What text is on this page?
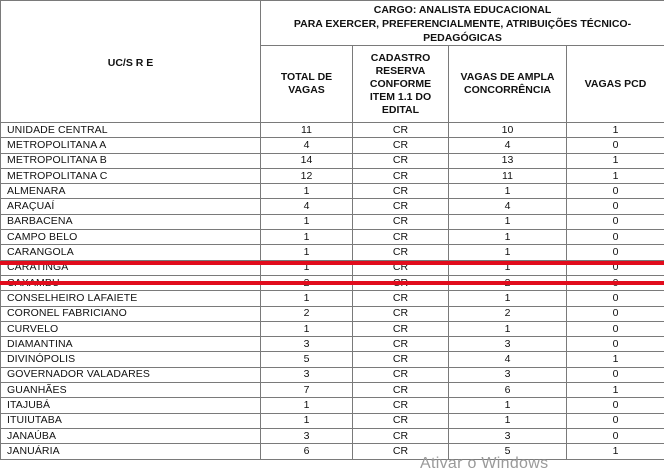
UC/S R E	CARGO: ANALISTA EDUCACIONAL
PARA EXERCER, PREFERENCIALMENTE, ATRIBUIÇÕES TÉCNICO-
PEDAGÓGICAS			

	TOTAL DE VAGAS	CADASTRO RESERVA CONFORME ITEM 1.1 DO EDITAL	VAGAS DE AMPLA CONCORRÊNCIA	VAGAS PCD
UNIDADE CENTRAL	11	CR	10	1
METROPOLITANA A	4	CR	4	0
METROPOLITANA B	14	CR	13	1
METROPOLITANA C	12	CR	11	1
ALMENARA	1	CR	1	0
ARAÇUAÍ	4	CR	4	0
BARBACENA	1	CR	1	0
CAMPO BELO	1	CR	1	0
CARANGOLA	1	CR	1	0
CARATINGA	1	CR	1	0
CAXAMBU	2	CR	2	0
CONSELHEIRO LAFAIETE	1	CR	1	0
CORONEL FABRICIANO	2	CR	2	0
CURVELO	1	CR	1	0
DIAMANTINA	3	CR	3	0
DIVINÓPOLIS	5	CR	4	1
GOVERNADOR VALADARES	3	CR	3	0
GUANHÃES	7	CR	6	1
ITAJUBÁ	1	CR	1	0
ITUIUTABA	1	CR	1	0
JANAÚBA	3	CR	3	0
JANUÁRIA	6	CR	5	1
Ativar o Windows
